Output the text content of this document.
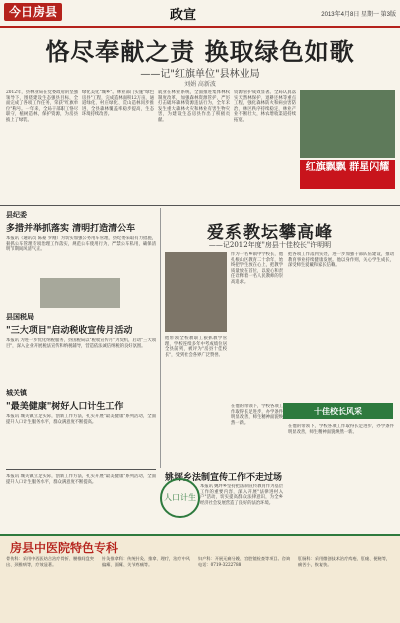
今日房县	政宣	2013年4月8日 星期一 第3版
恪尽奉献之责 换取绿色如歌
——记"红旗单位"县林业局
刘娟 高新波

2012年，县林业局在党委政府的坚强领导下，围绕建设生态强县目标，全面完成了各项工作任务，荣获"红旗单位"称号。一年来，全局干部职工恪尽职守，植树造林，保护资源，为房县披上了绿装。

绿化美化"城乡"。林业部门实施"绿色房县"工程，完成造林面积12万亩，通道绿化、村庄绿化、荒山造林同步推进，全县森林覆盖率稳步提高，生态环境持续改善。

就业在林业系统，全面推进集体林权制度改革，加强森林资源管护，严厉打击破坏森林资源违法行为，全年未发生重大森林火灾和林业有害生物灾害，为建设生态房县作出了积极贡献。

资源管护成效显著。全局认真落实天然林保护、退耕还林等重点工程，强化森林防火和病虫害防治，林区秩序持续稳定，林业产业不断壮大，林农增收渠道持续拓宽。

红旗飘飘 群星闪耀
县纪委
多措并举抓落实 清明打造清公车

本报讯（通讯员 陈豪 罗刚）为切实加强公务用车管理，县纪委采取有力措施，狠抓公车管理专项治理工作落实，规范公车使用行为，严禁公车私用，确保清明节期间风清气正。

县国税局
"三大项目"启动税收宣传月活动

本报讯 为进一步优化纳税服务，县国税局以"税收宣传月"为契机，启动"三大项目"，深入企业开展税法宣传和纳税辅导，营造依法诚信纳税的良好氛围。

城关镇
"最美健康"树好人口计生工作

本报讯 城关镇立足实际，创新工作方法，扎实开展"最美健康"系列活动，全面提升人口计生服务水平，群众满意度不断提高。

爱系教坛攀高峰
——记2012年度"房县十佳校长"许明明

作为一名乡镇中学校长，他扎根山区教育二十余年，始终把学生放在心上，把教学质量放在首位，以爱心和责任诠释着一名人民教师的崇高追求。

他带领全校教职工狠抓教学管理，学校连续多年中考成绩位居全县前列，被评为"房县十佳校长"，受到社会各界广泛赞誉。

在他的带领下，学校各项工作取得长足进步，办学条件明显改善，师生精神面貌焕然一新。

把各项工作落到实处，进一步加强干部队伍建设，推动教育事业持续健康发展。他以身作则，关心学生成长，深受师生爱戴和家长信赖。

十佳校长风采

在他的带领下，学校各项工作取得长足进步，办学条件明显改善，师生精神面貌焕然一新。

姚坪乡法制宣传工作不走过场

本报讯 姚坪乡坚持把法制宣传教育作为基层工作的重要内容，深入开展"法律进村入户"活动，切实提高群众法律意识，为全乡经济社会发展营造了良好的法治环境。

本报讯 城关镇立足实际，创新工作方法，扎实开展"最美健康"系列活动，全面提升人口计生服务水平，群众满意度不断提高。

人口计生
房县中医院特色专科
骨伤科：采用中西医结合治疗骨折、腰椎间盘突出、颈椎病等，疗效显著。
针灸推拿科：传统针灸、推拿、理疗，治疗中风偏瘫、面瘫、关节疼痛等。
妇产科：开展无痛分娩、宫腔镜检查等项目。咨询电话：0719-3222788
肛肠科：采用微创技术治疗痔疮、肛瘘、便秘等，痛苦小，恢复快。
